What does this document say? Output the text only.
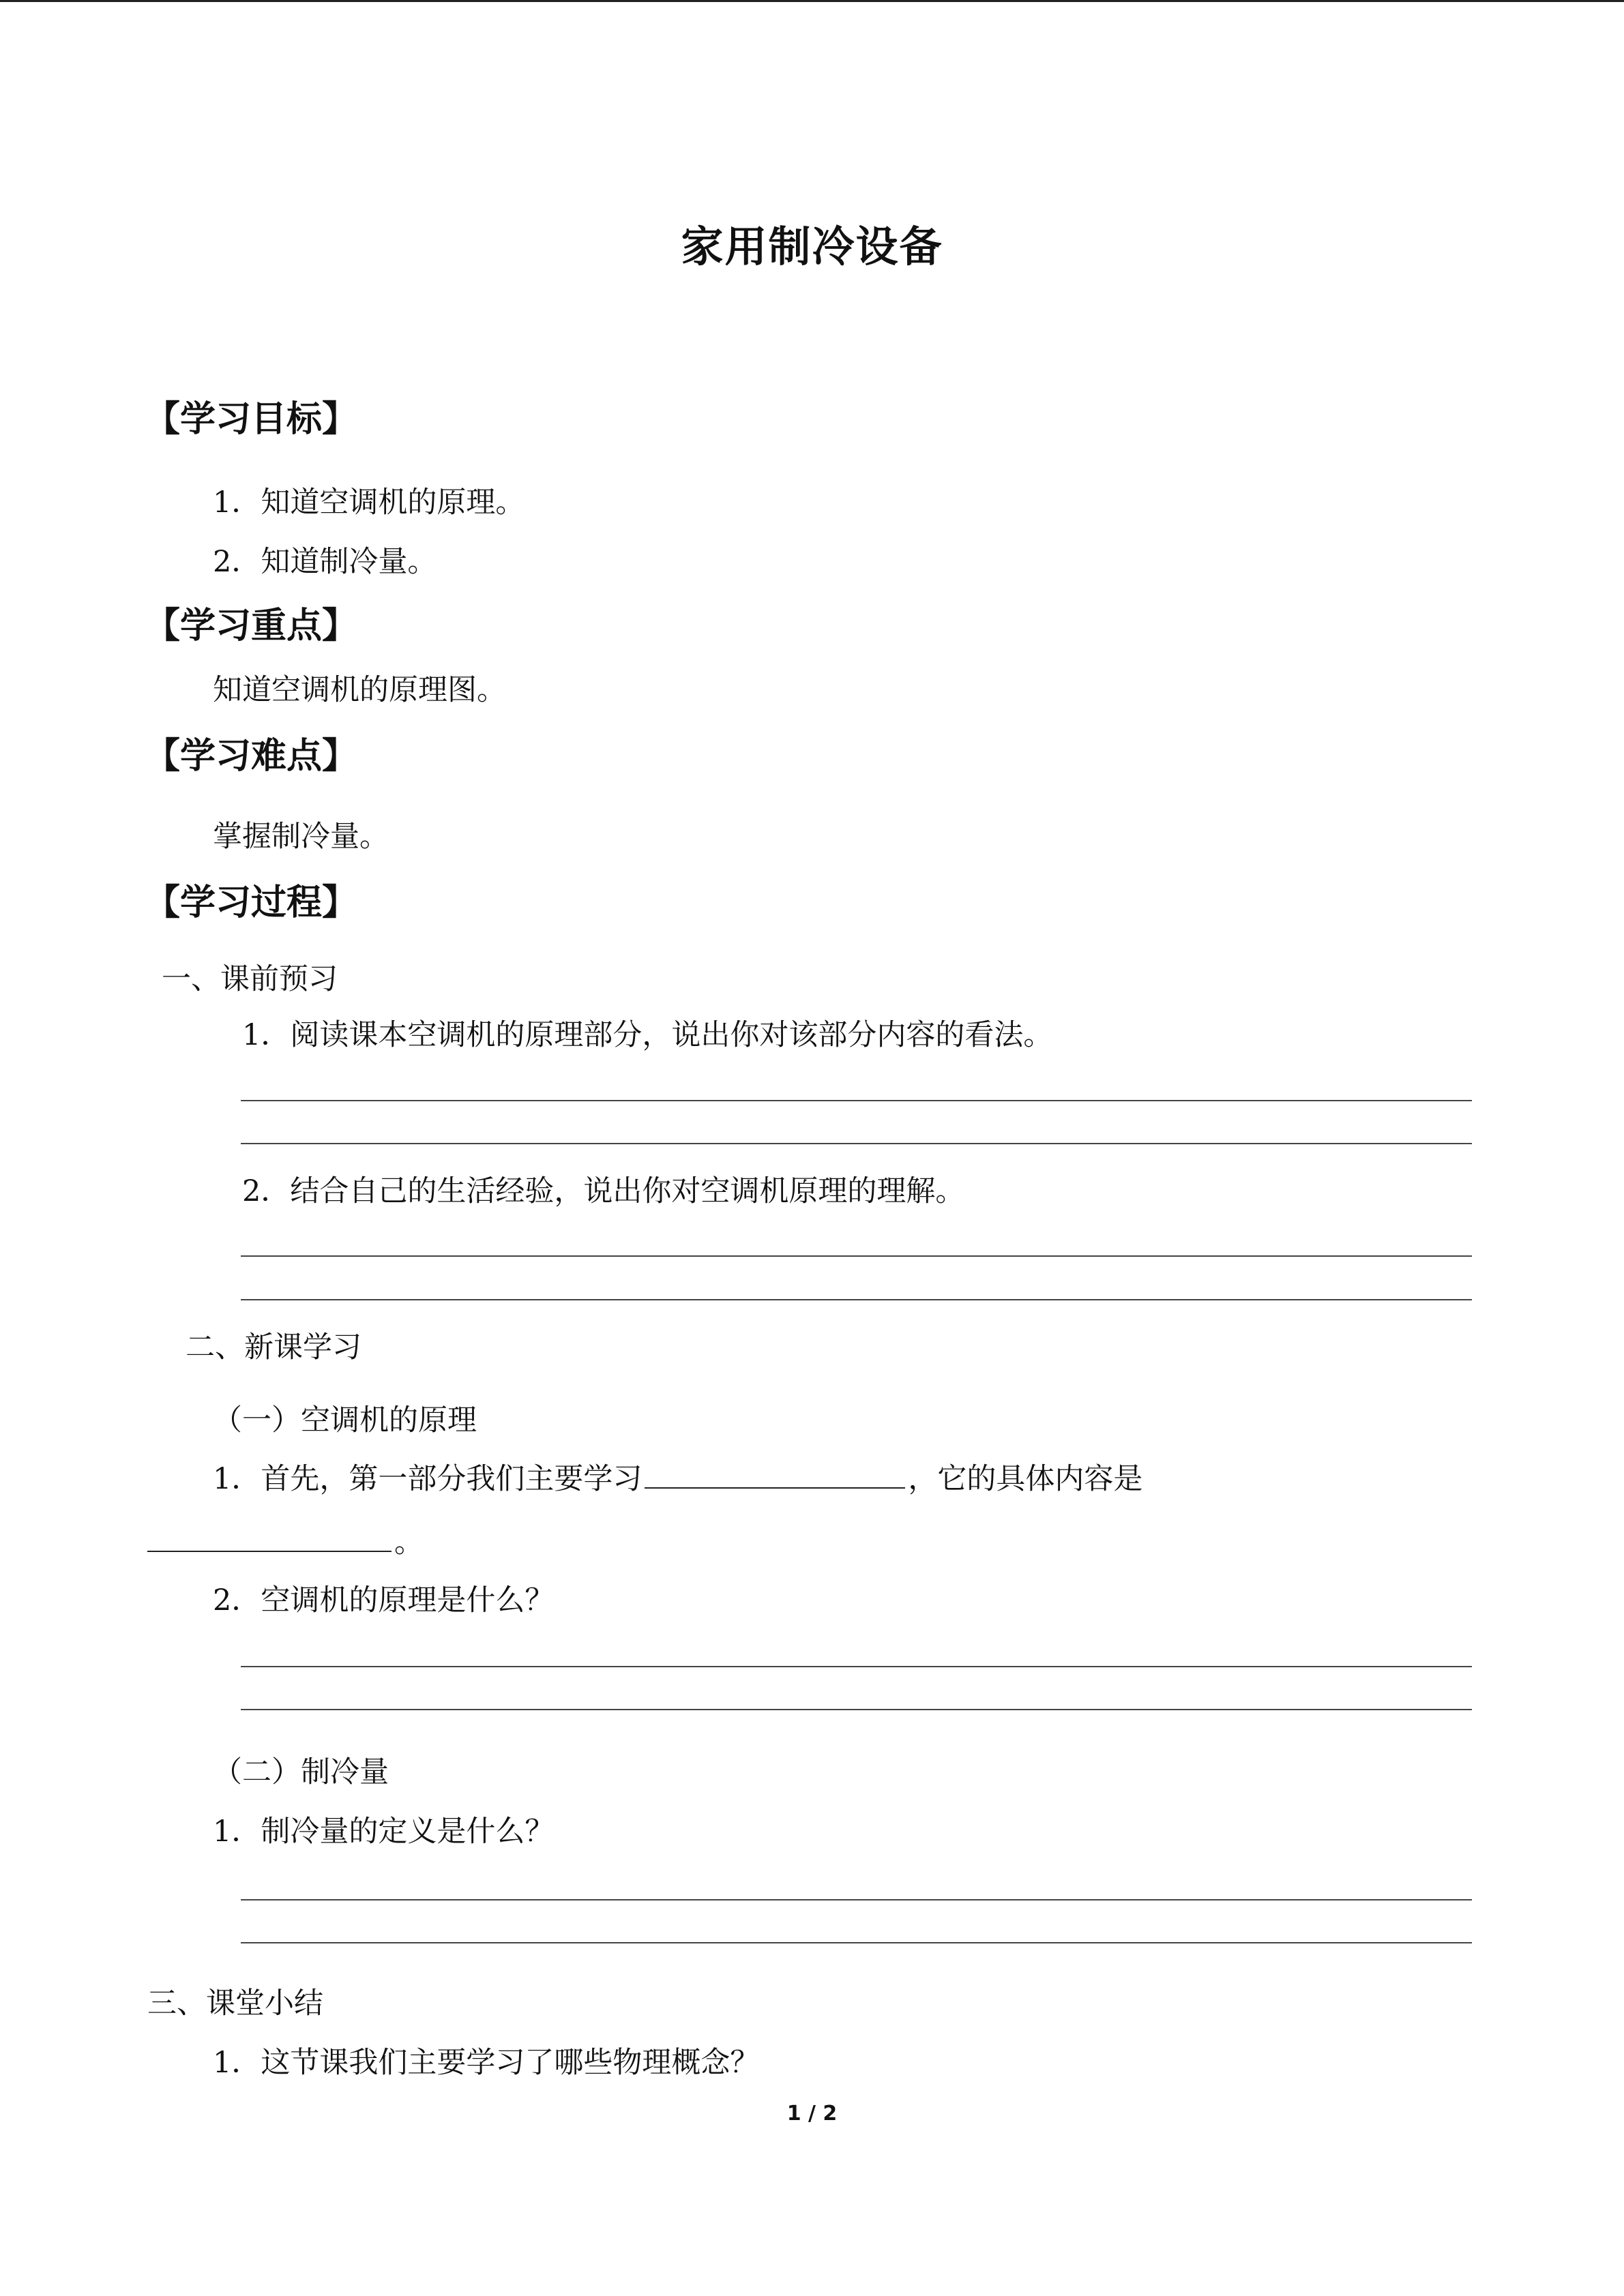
家用制冷设备
【学习目标】
1．知道空调机的原理。
2．知道制冷量。
【学习重点】
知道空调机的原理图。
【学习难点】
掌握制冷量。
【学习过程】
一、课前预习
1．阅读课本空调机的原理部分，说出你对该部分内容的看法。
2．结合自己的生活经验，说出你对空调机原理的理解。
二、新课学习
（一）空调机的原理
1．首先，第一部分我们主要学习	，它的具体内容是
。
2．空调机的原理是什么？
（二）制冷量
1．制冷量的定义是什么？
三、课堂小结
1．这节课我们主要学习了哪些物理概念？
1 / 2
